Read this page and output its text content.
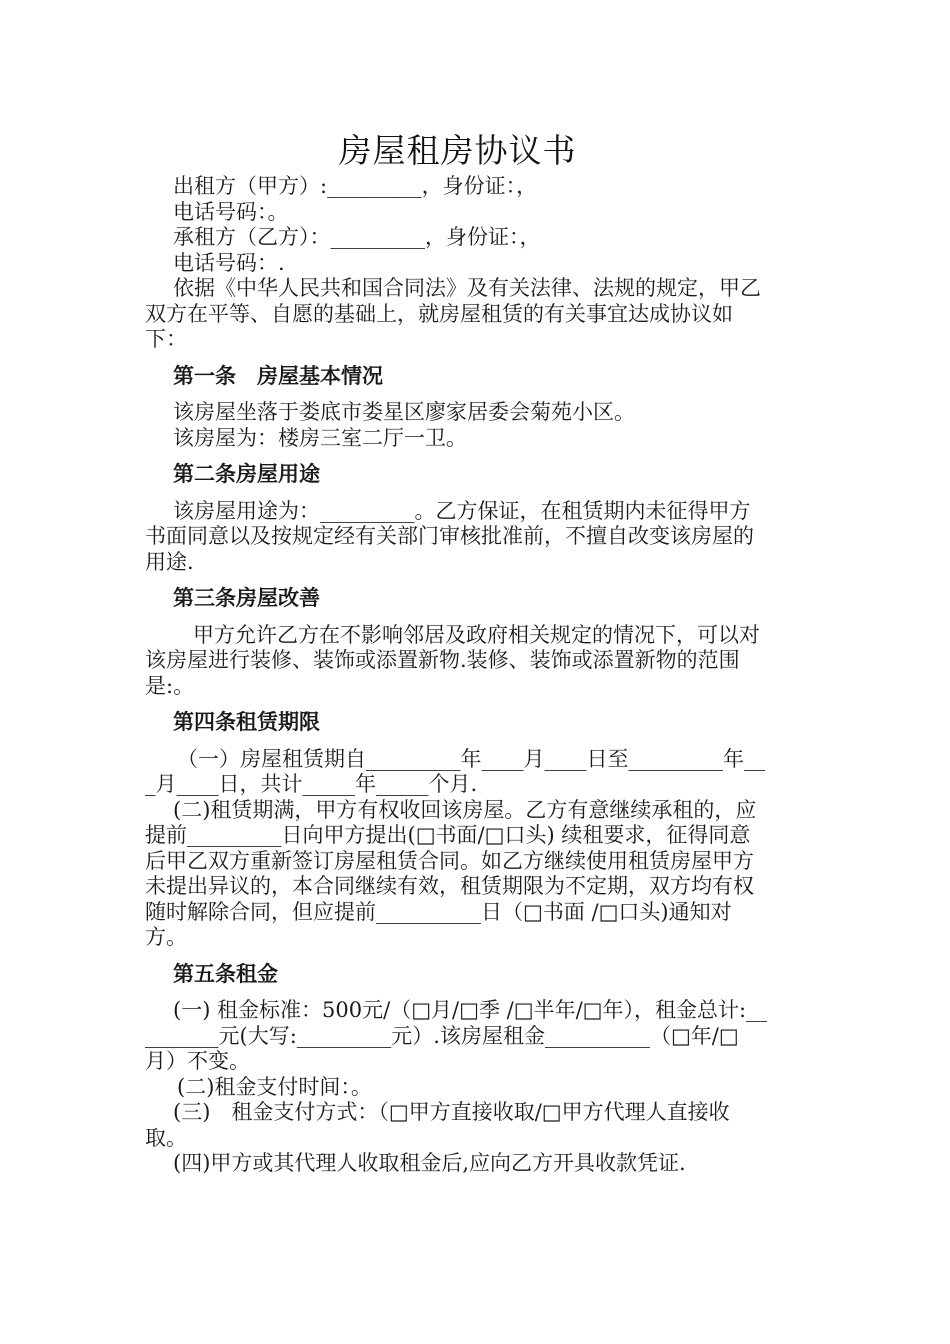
房屋租房协议书

出租方（甲方）:_________，身份证：，

电话号码：。

承租方（乙方）：_________，身份证：，

电话号码：.

依据《中华人民共和国合同法》及有关法律、法规的规定，甲乙双方在平等、自愿的基础上，就房屋租赁的有关事宜达成协议如下：

第一条　房屋基本情况

该房屋坐落于娄底市娄星区廖家居委会菊苑小区。

该房屋为：楼房三室二厅一卫。

第二条房屋用途

该房屋用途为：_________。乙方保证，在租赁期内未征得甲方书面同意以及按规定经有关部门审核批准前，不擅自改变该房屋的用途.

第三条房屋改善

甲方允许乙方在不影响邻居及政府相关规定的情况下，可以对该房屋进行装修、装饰或添置新物.装修、装饰或添置新物的范围是:。

第四条租赁期限

（一）房屋租赁期自_________年____月____日至_________年___月____日，共计_____年_____个月.

(二)租赁期满，甲方有权收回该房屋。乙方有意继续承租的，应提前_________日向甲方提出(□书面/□口头) 续租要求，征得同意后甲乙双方重新签订房屋租赁合同。如乙方继续使用租赁房屋甲方未提出异议的，本合同继续有效，租赁期限为不定期，双方均有权随时解除合同，但应提前__________日（□书面 /□口头)通知对方。

第五条租金

(一) 租金标准：500元/（□月/□季 /□半年/□年），租金总计:_________元(大写:_________元）.该房屋租金__________（□年/□月）不变。

(二)租金支付时间：。

(三)　租金支付方式：（□甲方直接收取/□甲方代理人直接收取。

(四)甲方或其代理人收取租金后,应向乙方开具收款凭证.
